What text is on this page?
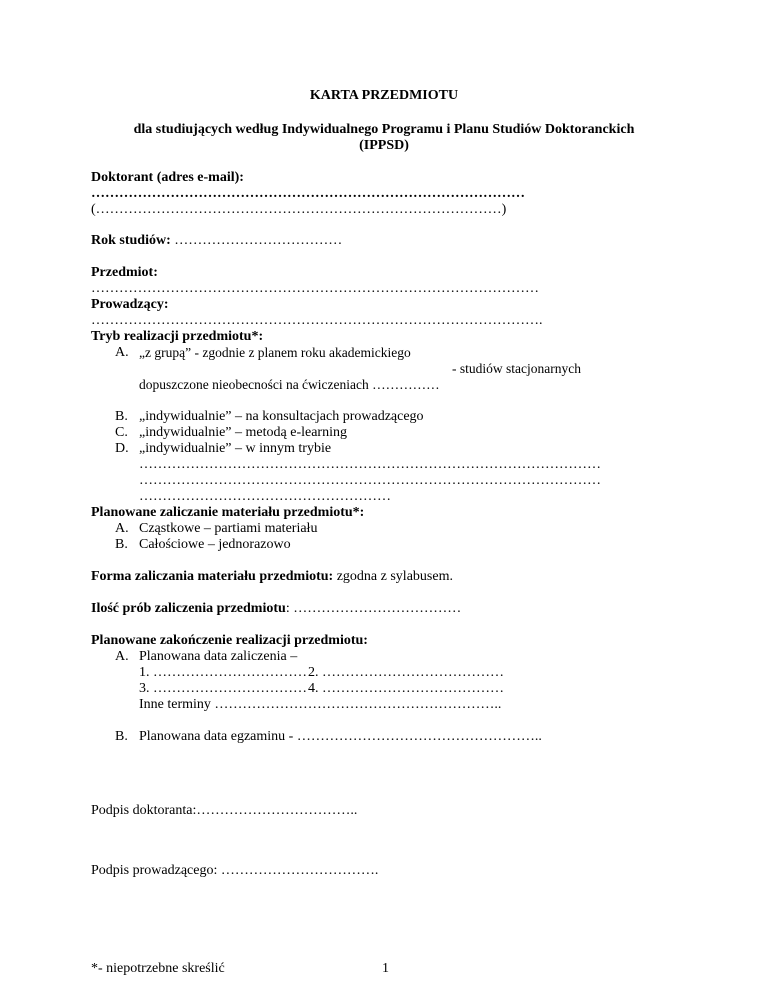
KARTA PRZEDMIOTU
dla studiujących według Indywidualnego Programu i Planu Studiów Doktoranckich
(IPPSD)
Doktorant (adres e-mail):
…………………………………………………………………………………
(……………………………………………………………………………)
Rok studiów: ………………………………
Przedmiot:
……………………………………………………………………………………
Prowadzący:
…………………………………………………………………………………….
Tryb realizacji przedmiotu*:
A. „z grupą” - zgodnie z planem roku akademickiego
- studiów stacjonarnych
dopuszczone nieobecności na ćwiczeniach ……………
B. „indywidualnie” – na konsultacjach prowadzącego
C. „indywidualnie” – metodą e-learning
D. „indywidualnie” – w innym trybie
………………………………………………………………………………………
………………………………………………………………………………………
………………………………………………
Planowane zaliczanie materiału przedmiotu*:
A. Cząstkowe – partiami materiału
B. Całościowe – jednorazowo
Forma zaliczania materiału przedmiotu: zgodna z sylabusem.
Ilość prób zaliczenia przedmiotu: ………………………………
Planowane zakończenie realizacji przedmiotu:
A. Planowana data zaliczenia –
1. …………………………… 2. …………………………………
3. …………………………… 4. …………………………………
Inne terminy ……………………………………………………..
B. Planowana data egzaminu - ……………………………………………..
Podpis doktoranta:……………………………..
Podpis prowadzącego: …………………………….
*- niepotrzebne skreślić	1
